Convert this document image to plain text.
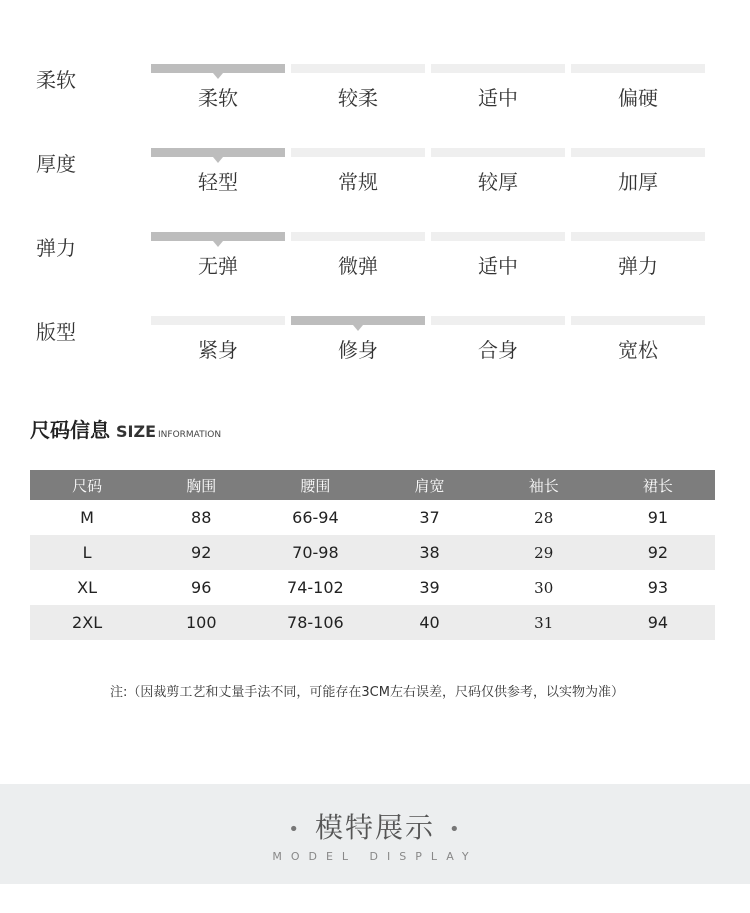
柔软
柔软	较柔	适中	偏硬
厚度
轻型	常规	较厚	加厚
弹力
无弹	微弹	适中	弹力
版型
紧身	修身	合身	宽松
尺码信息 SIZE INFORMATION
尺码	胸围	腰围	肩宽	袖长	裙长
M	88	66-94	37	28	91
L	92	70-98	38	29	92
XL	96	74-102	39	30	93
2XL	100	78-106	40	31	94
注:（因裁剪工艺和丈量手法不同，可能存在3CM左右误差，尺码仅供参考，以实物为准）
• 模特展示 •
MODEL DISPLAY
